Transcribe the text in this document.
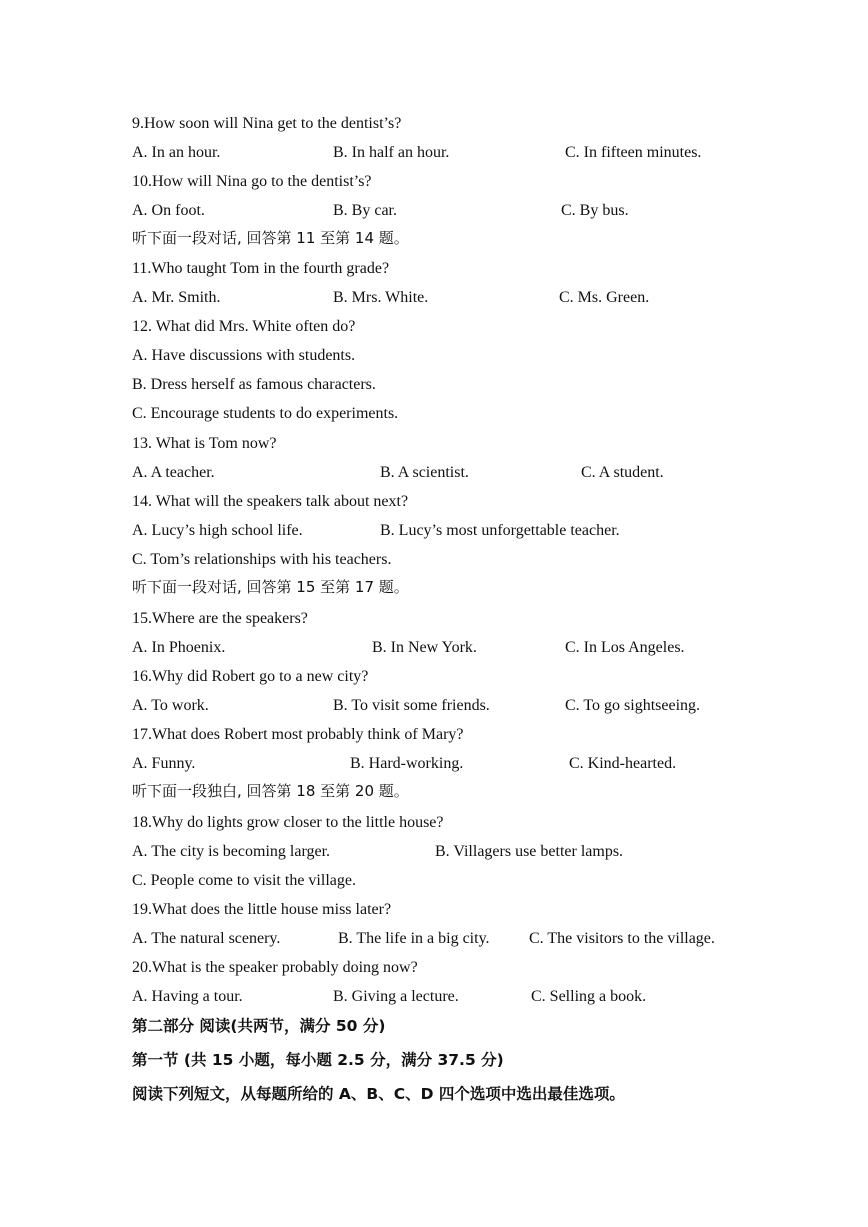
9.How soon will Nina get to the dentist’s?
A. In an hour.	B. In half an hour.	C. In fifteen minutes.
10.How will Nina go to the dentist’s?
A. On foot.	B. By car.	C. By bus.
听下面一段对话, 回答第 11 至第 14 题。
11.Who taught Tom in the fourth grade?
A. Mr. Smith.	B. Mrs. White.	C. Ms. Green.
12. What did Mrs. White often do?
A. Have discussions with students.
B. Dress herself as famous characters.
C. Encourage students to do experiments.
13. What is Tom now?
A. A teacher.	B. A scientist.	C. A student.
14. What will the speakers talk about next?
A. Lucy’s high school life.	B. Lucy’s most unforgettable teacher.
C. Tom’s relationships with his teachers.
听下面一段对话, 回答第 15 至第 17 题。
15.Where are the speakers?
A. In Phoenix.	B. In New York.	C. In Los Angeles.
16.Why did Robert go to a new city?
A. To work.	B. To visit some friends.	C. To go sightseeing.
17.What does Robert most probably think of Mary?
A. Funny.	B. Hard-working.	C. Kind-hearted.
听下面一段独白, 回答第 18 至第 20 题。
18.Why do lights grow closer to the little house?
A. The city is becoming larger.	B. Villagers use better lamps.
C. People come to visit the village.
19.What does the little house miss later?
A. The natural scenery.	B. The life in a big city. C. The visitors to the village.
20.What is the speaker probably doing now?
A. Having a tour.	B. Giving a lecture.	C. Selling a book.
第二部分 阅读(共两节，满分 50 分)
第一节 (共 15 小题，每小题 2.5 分，满分 37.5 分)
阅读下列短文，从每题所给的 A、B、C、D 四个选项中选出最佳选项。
